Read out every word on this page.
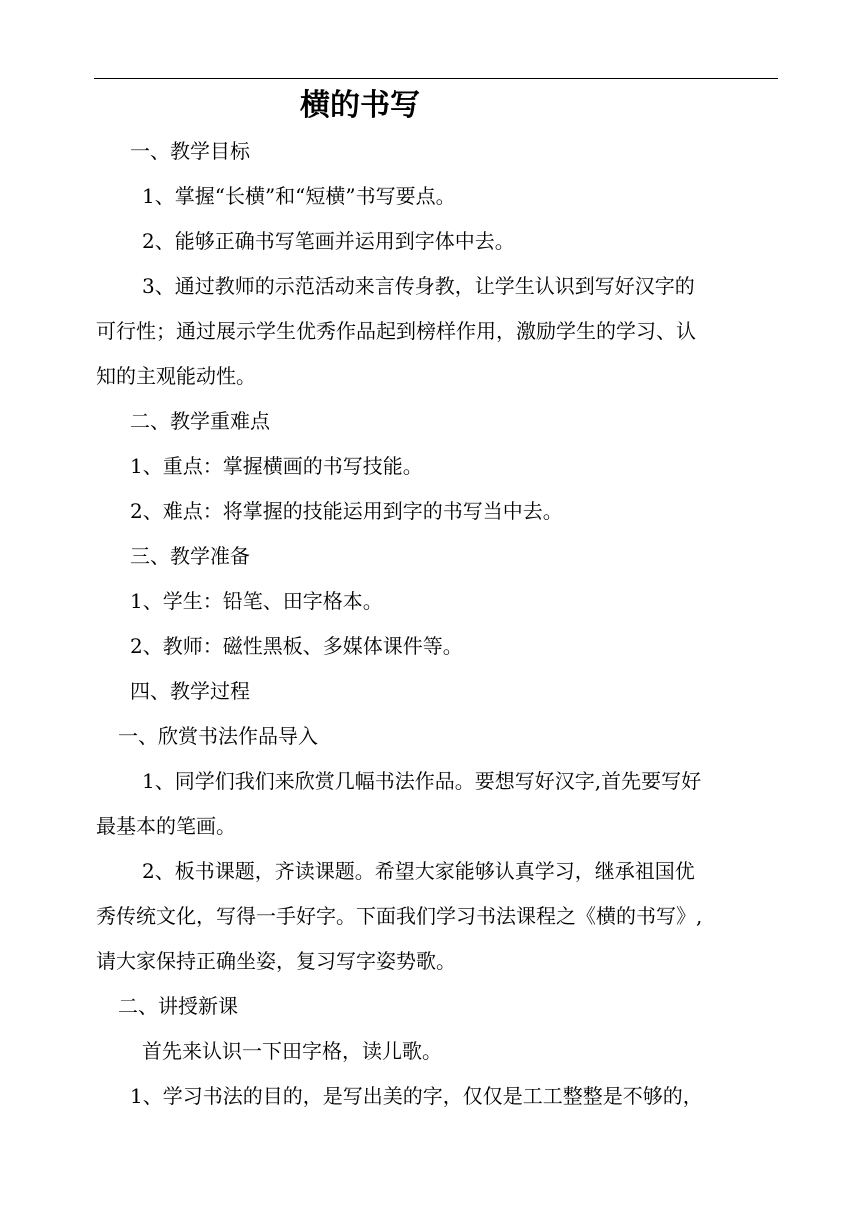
横的书写
一、教学目标
1、掌握“长横”和“短横”书写要点。
2、能够正确书写笔画并运用到字体中去。
3、通过教师的示范活动来言传身教，让学生认识到写好汉字的
可行性；通过展示学生优秀作品起到榜样作用，激励学生的学习、认
知的主观能动性。
二、教学重难点
1、重点：掌握横画的书写技能。
2、难点：将掌握的技能运用到字的书写当中去。
三、教学准备
1、学生：铅笔、田字格本。
2、教师：磁性黑板、多媒体课件等。
四、教学过程
一、欣赏书法作品导入
1、同学们我们来欣赏几幅书法作品。要想写好汉字,首先要写好
最基本的笔画。
2、板书课题，齐读课题。希望大家能够认真学习，继承祖国优
秀传统文化，写得一手好字。下面我们学习书法课程之《横的书写》,
请大家保持正确坐姿，复习写字姿势歌。
二、讲授新课
首先来认识一下田字格，读儿歌。
1、学习书法的目的，是写出美的字，仅仅是工工整整是不够的，
